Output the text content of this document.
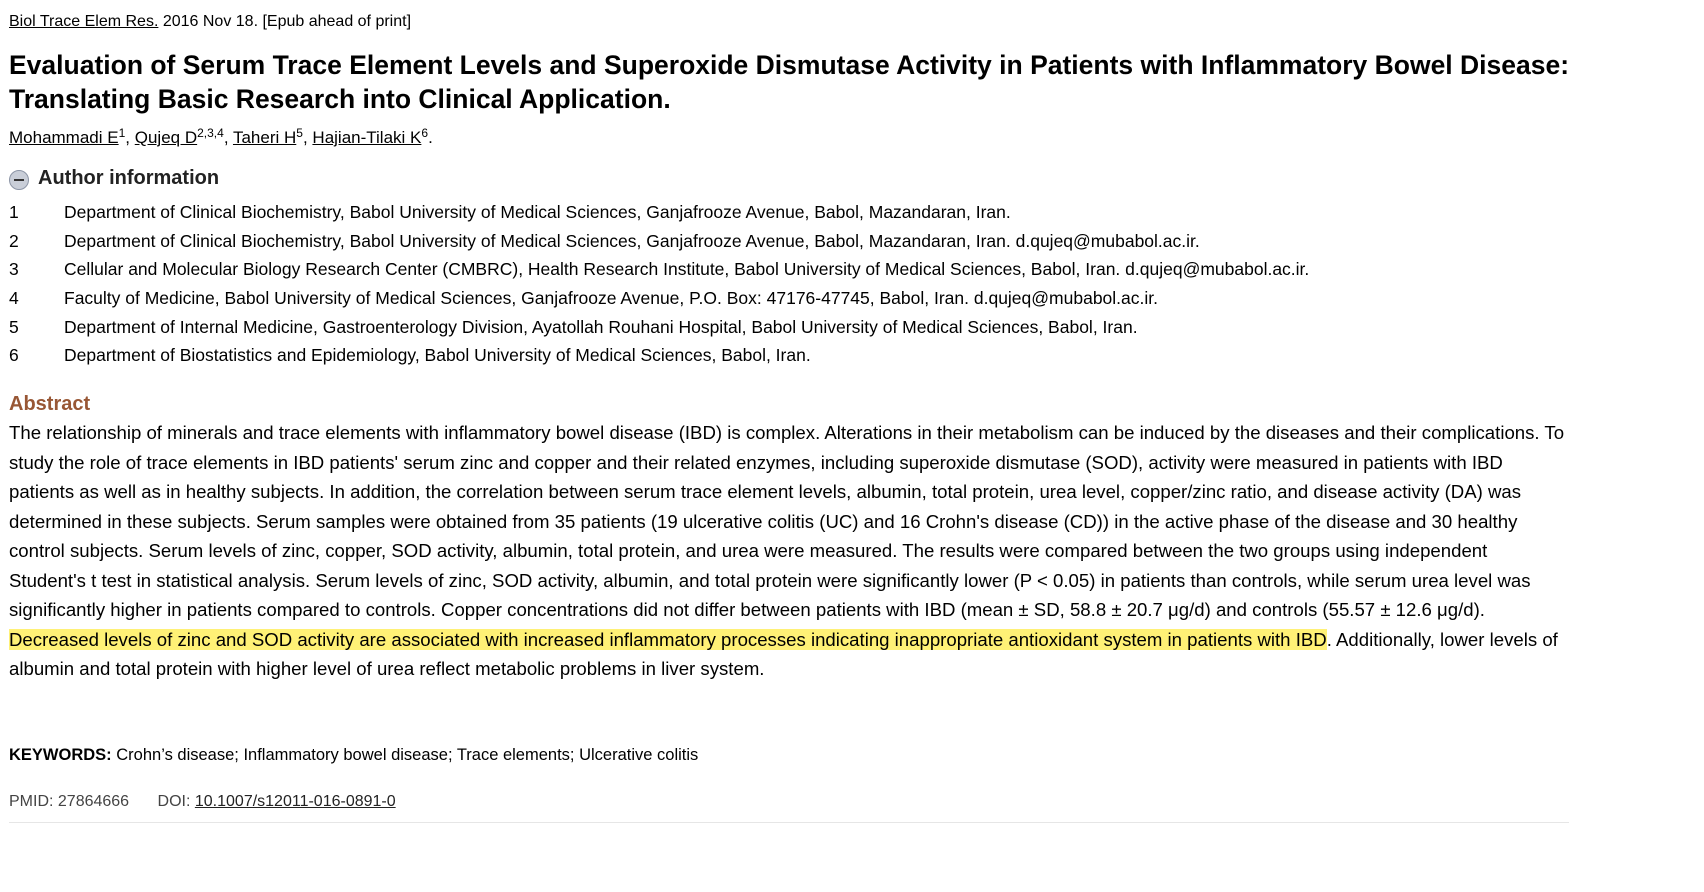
Biol Trace Elem Res. 2016 Nov 18. [Epub ahead of print]
Evaluation of Serum Trace Element Levels and Superoxide Dismutase Activity in Patients with Inflammatory Bowel Disease: Translating Basic Research into Clinical Application.
Mohammadi $E^1$, Qujeq D$^{2,3,4}$, Taheri $H^5$, Hajian-Tilaki $K^6$.
Author information
1	Department of Clinical Biochemistry, Babol University of Medical Sciences, Ganjafrooze Avenue, Babol, Mazandaran, Iran.
2	Department of Clinical Biochemistry, Babol University of Medical Sciences, Ganjafrooze Avenue, Babol, Mazandaran, Iran. d.qujeq@mubabol.ac.ir.
3	Cellular and Molecular Biology Research Center (CMBRC), Health Research Institute, Babol University of Medical Sciences, Babol, Iran. d.qujeq@mubabol.ac.ir.
4	Faculty of Medicine, Babol University of Medical Sciences, Ganjafrooze Avenue, P.O. Box: 47176-47745, Babol, Iran. d.qujeq@mubabol.ac.ir.
5	Department of Internal Medicine, Gastroenterology Division, Ayatollah Rouhani Hospital, Babol University of Medical Sciences, Babol, Iran.
6	Department of Biostatistics and Epidemiology, Babol University of Medical Sciences, Babol, Iran.
Abstract

The relationship of minerals and trace elements with inflammatory bowel disease (IBD) is complex. Alterations in their metabolism can be induced by the diseases and their complications. To study the role of trace elements in IBD patients' serum zinc and copper and their related enzymes, including superoxide dismutase (SOD), activity were measured in patients with IBD patients as well as in healthy subjects. In addition, the correlation between serum trace element levels, albumin, total protein, urea level, copper/zinc ratio, and disease activity (DA) was determined in these subjects. Serum samples were obtained from 35 patients (19 ulcerative colitis (UC) and 16 Crohn's disease (CD)) in the active phase of the disease and 30 healthy control subjects. Serum levels of zinc, copper, SOD activity, albumin, total protein, and urea were measured. The results were compared between the two groups using independent Student's t test in statistical analysis. Serum levels of zinc, SOD activity, albumin, and total protein were significantly lower (P < 0.05) in patients than controls, while serum urea level was significantly higher in patients compared to controls. Copper concentrations did not differ between patients with IBD (mean ± SD, 58.8 ± 20.7 μg/d) and controls (55.57 ± 12.6 μg/d). Decreased levels of zinc and SOD activity are associated with increased inflammatory processes indicating inappropriate antioxidant system in patients with IBD. Additionally, lower levels of albumin and total protein with higher level of urea reflect metabolic problems in liver system.

KEYWORDS: Crohn’s disease; Inflammatory bowel disease; Trace elements; Ulcerative colitis
PMID: 27864666 DOI: 10.1007/s12011-016-0891-0
